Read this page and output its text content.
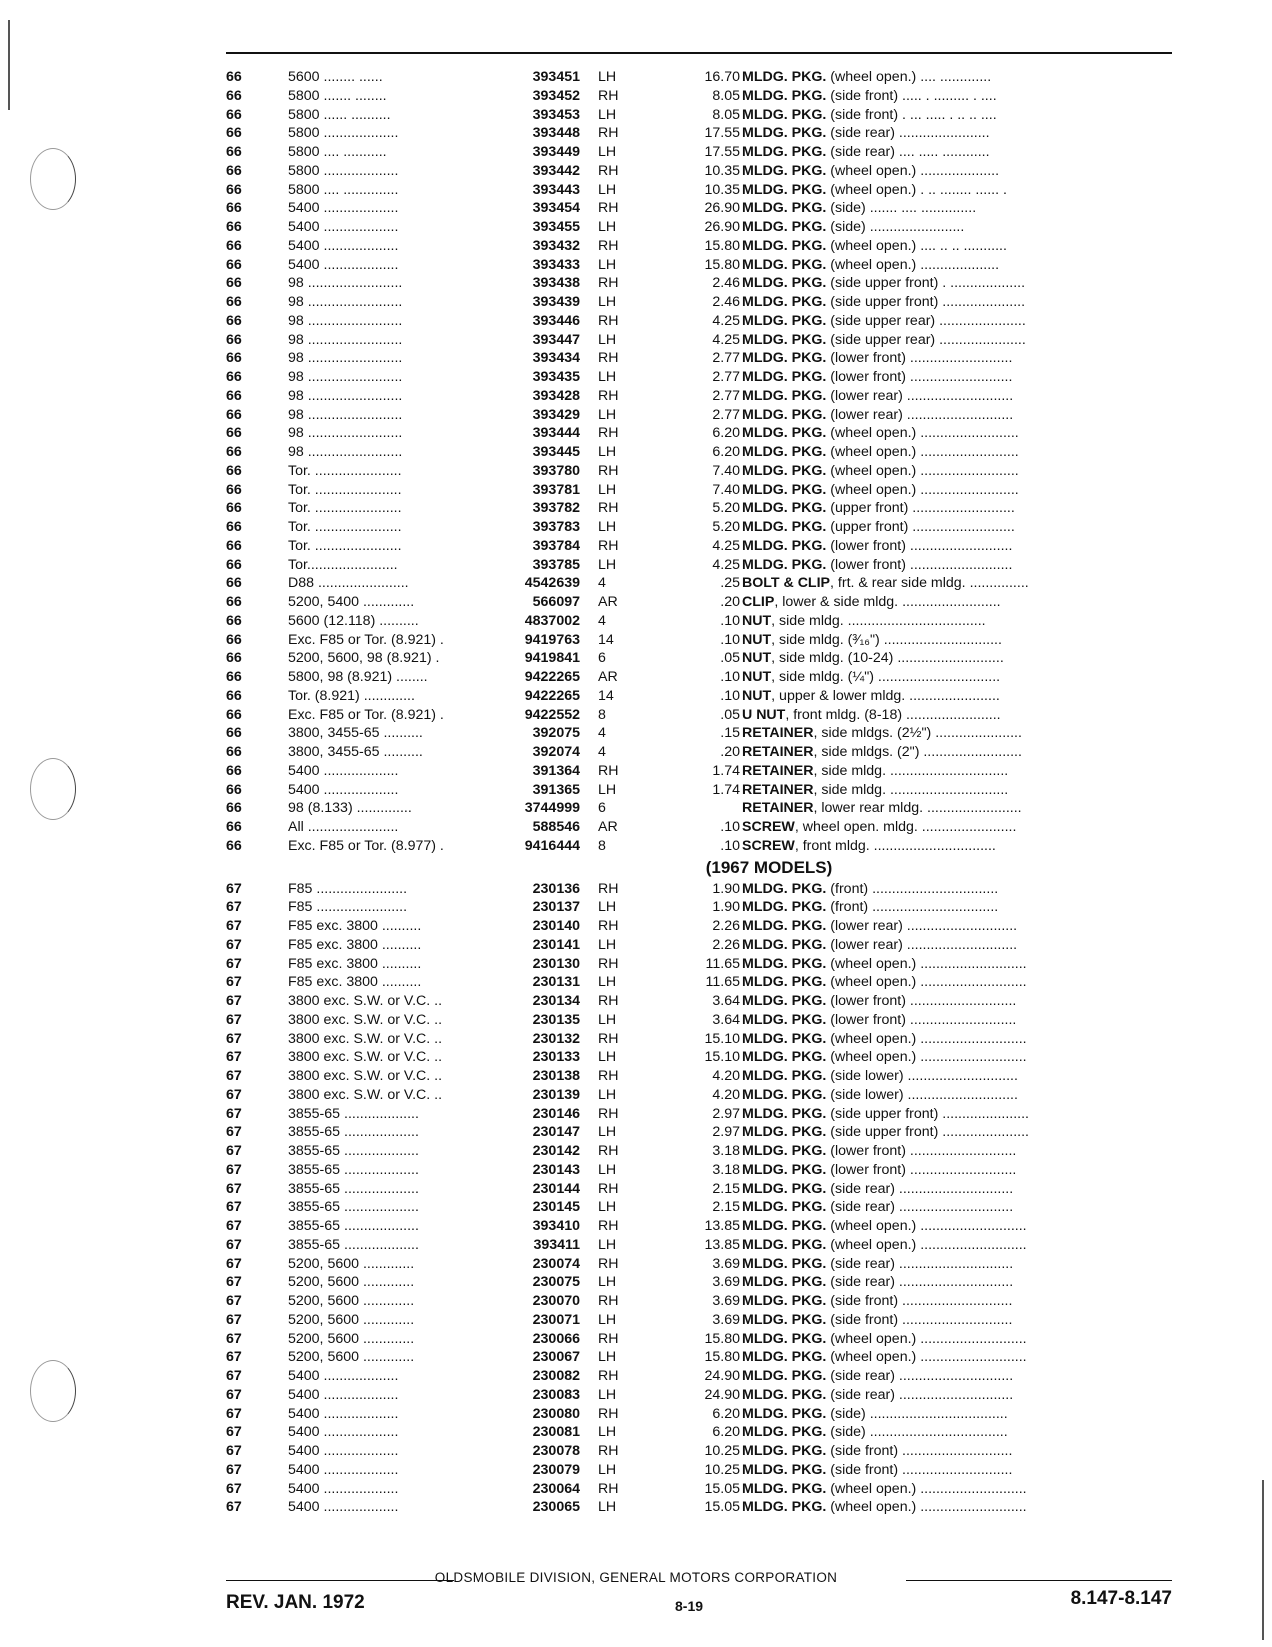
66	5600 ........ ......	393451 LH	16.70 MLDG. PKG. (wheel open.) .... .............
66	5800 ....... ........	393452 RH	8.05 MLDG. PKG. (side front) ..... . ......... . ....
66	5800 ...... ..........	393453 LH	8.05 MLDG. PKG. (side front) . ... ..... . .. .. ....
66	5800 ...................	393448 RH	17.55 MLDG. PKG. (side rear) .......................
66	5800 .... ...........	393449 LH	17.55 MLDG. PKG. (side rear) .... ..... ............
66	5800 ...................	393442 RH	10.35 MLDG. PKG. (wheel open.) ....................
66	5800 .... ..............	393443 LH	10.35 MLDG. PKG. (wheel open.) . .. ........ ...... .
66	5400 ...................	393454 RH	26.90 MLDG. PKG. (side) ....... .... ..............
66	5400 ...................	393455 LH	26.90 MLDG. PKG. (side) ........................
66	5400 ...................	393432 RH	15.80 MLDG. PKG. (wheel open.) .... .. .. ...........
66	5400 ...................	393433 LH	15.80 MLDG. PKG. (wheel open.) ....................
66	98 ........................	393438 RH	2.46 MLDG. PKG. (side upper front) . ...................
66	98 ........................	393439 LH	2.46 MLDG. PKG. (side upper front) .....................
66	98 ........................	393446 RH	4.25 MLDG. PKG. (side upper rear) ......................
66	98 ........................	393447 LH	4.25 MLDG. PKG. (side upper rear) ......................
66	98 ........................	393434 RH	2.77 MLDG. PKG. (lower front) ..........................
66	98 ........................	393435 LH	2.77 MLDG. PKG. (lower front) ..........................
66	98 ........................	393428 RH	2.77 MLDG. PKG. (lower rear) ...........................
66	98 ........................	393429 LH	2.77 MLDG. PKG. (lower rear) ...........................
66	98 ........................	393444 RH	6.20 MLDG. PKG. (wheel open.) .........................
66	98 ........................	393445 LH	6.20 MLDG. PKG. (wheel open.) .........................
66	Tor. ......................	393780 RH	7.40 MLDG. PKG. (wheel open.) .........................
66	Tor. ......................	393781 LH	7.40 MLDG. PKG. (wheel open.) .........................
66	Tor. ......................	393782 RH	5.20 MLDG. PKG. (upper front) ..........................
66	Tor. ......................	393783 LH	5.20 MLDG. PKG. (upper front) ..........................
66	Tor. ......................	393784 RH	4.25 MLDG. PKG. (lower front) ..........................
66	Tor.......................	393785 LH	4.25 MLDG. PKG. (lower front) ..........................
66	D88 .......................	4542639 4	.25 BOLT & CLIP, frt. & rear side mldg. ...............
66	5200, 5400 .............	566097 AR	.20 CLIP, lower & side mldg. .........................
66	5600 (12.118) ..........	4837002 4	.10 NUT, side mldg. ...................................
66	Exc. F85 or Tor. (8.921) .	9419763 14	.10 NUT, side mldg. (³⁄₁₆") ..............................
66	5200, 5600, 98 (8.921) .	9419841 6	.05 NUT, side mldg. (10-24) ...........................
66	5800, 98 (8.921) ........	9422265 AR	.10 NUT, side mldg. (¼") ...............................
66	Tor. (8.921) .............	9422265 14	.10 NUT, upper & lower mldg. .......................
66	Exc. F85 or Tor. (8.921) .	9422552 8	.05 U NUT, front mldg. (8-18) ........................
66	3800, 3455-65 ..........	392075 4	.15 RETAINER, side mldgs. (2½") ......................
66	3800, 3455-65 ..........	392074 4	.20 RETAINER, side mldgs. (2") .........................
66	5400 ...................	391364 RH	1.74 RETAINER, side mldg. ..............................
66	5400 ...................	391365 LH	1.74 RETAINER, side mldg. ..............................
66	98 (8.133) ..............	3744999 6	RETAINER, lower rear mldg. ........................
66	All .......................	588546 AR	.10 SCREW, wheel open. mldg. ........................
66	Exc. F85 or Tor. (8.977) .	9416444 8	.10 SCREW, front mldg. ...............................
(1967 MODELS)
67	F85 .......................	230136 RH	1.90 MLDG. PKG. (front) ................................
67	F85 .......................	230137 LH	1.90 MLDG. PKG. (front) ................................
67	F85 exc. 3800 ..........	230140 RH	2.26 MLDG. PKG. (lower rear) ............................
67	F85 exc. 3800 ..........	230141 LH	2.26 MLDG. PKG. (lower rear) ............................
67	F85 exc. 3800 ..........	230130 RH	11.65 MLDG. PKG. (wheel open.) ...........................
67	F85 exc. 3800 ..........	230131 LH	11.65 MLDG. PKG. (wheel open.) ...........................
67	3800 exc. S.W. or V.C. ..	230134 RH	3.64 MLDG. PKG. (lower front) ...........................
67	3800 exc. S.W. or V.C. ..	230135 LH	3.64 MLDG. PKG. (lower front) ...........................
67	3800 exc. S.W. or V.C. ..	230132 RH	15.10 MLDG. PKG. (wheel open.) ...........................
67	3800 exc. S.W. or V.C. ..	230133 LH	15.10 MLDG. PKG. (wheel open.) ...........................
67	3800 exc. S.W. or V.C. ..	230138 RH	4.20 MLDG. PKG. (side lower) ............................
67	3800 exc. S.W. or V.C. ..	230139 LH	4.20 MLDG. PKG. (side lower) ............................
67	3855-65 ...................	230146 RH	2.97 MLDG. PKG. (side upper front) ......................
67	3855-65 ...................	230147 LH	2.97 MLDG. PKG. (side upper front) ......................
67	3855-65 ...................	230142 RH	3.18 MLDG. PKG. (lower front) ...........................
67	3855-65 ...................	230143 LH	3.18 MLDG. PKG. (lower front) ...........................
67	3855-65 ...................	230144 RH	2.15 MLDG. PKG. (side rear) .............................
67	3855-65 ...................	230145 LH	2.15 MLDG. PKG. (side rear) .............................
67	3855-65 ...................	393410 RH	13.85 MLDG. PKG. (wheel open.) ...........................
67	3855-65 ...................	393411 LH	13.85 MLDG. PKG. (wheel open.) ...........................
67	5200, 5600 .............	230074 RH	3.69 MLDG. PKG. (side rear) .............................
67	5200, 5600 .............	230075 LH	3.69 MLDG. PKG. (side rear) .............................
67	5200, 5600 .............	230070 RH	3.69 MLDG. PKG. (side front) ............................
67	5200, 5600 .............	230071 LH	3.69 MLDG. PKG. (side front) ............................
67	5200, 5600 .............	230066 RH	15.80 MLDG. PKG. (wheel open.) ...........................
67	5200, 5600 .............	230067 LH	15.80 MLDG. PKG. (wheel open.) ...........................
67	5400 ...................	230082 RH	24.90 MLDG. PKG. (side rear) .............................
67	5400 ...................	230083 LH	24.90 MLDG. PKG. (side rear) .............................
67	5400 ...................	230080 RH	6.20 MLDG. PKG. (side) ...................................
67	5400 ...................	230081 LH	6.20 MLDG. PKG. (side) ...................................
67	5400 ...................	230078 RH	10.25 MLDG. PKG. (side front) ............................
67	5400 ...................	230079 LH	10.25 MLDG. PKG. (side front) ............................
67	5400 ...................	230064 RH	15.05 MLDG. PKG. (wheel open.) ...........................
67	5400 ...................	230065 LH	15.05 MLDG. PKG. (wheel open.) ...........................
OLDSMOBILE DIVISION, GENERAL MOTORS CORPORATION
REV. JAN. 1972	8-19	8.147-8.147
